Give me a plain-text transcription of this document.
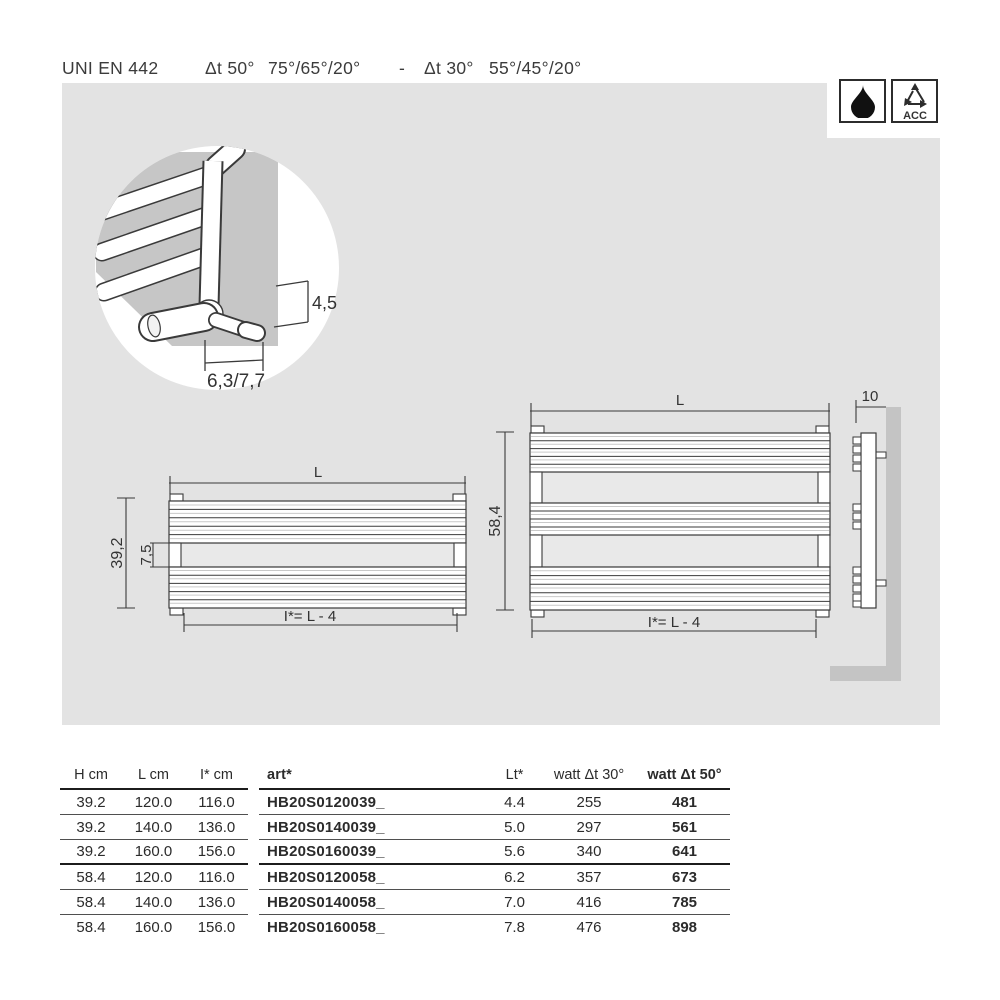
UNI EN 442	Δt 50° 75°/65°/20° - Δt 30° 55°/45°/20°
ACC
4,5
6,3/7,7
L
39,2 7,5
I*= L - 4
L
58,4
I*= L - 4
10
H cm	L cm	I* cm
39.2	120.0	116.0
39.2	140.0	136.0
39.2	160.0	156.0
58.4	120.0	116.0
58.4	140.0	136.0
58.4	160.0	156.0
art*	Lt*	watt Δt 30°	watt Δt 50°
HB20S0120039_	4.4	255	481
HB20S0140039_	5.0	297	561
HB20S0160039_	5.6	340	641
HB20S0120058_	6.2	357	673
HB20S0140058_	7.0	416	785
HB20S0160058_	7.8	476	898
